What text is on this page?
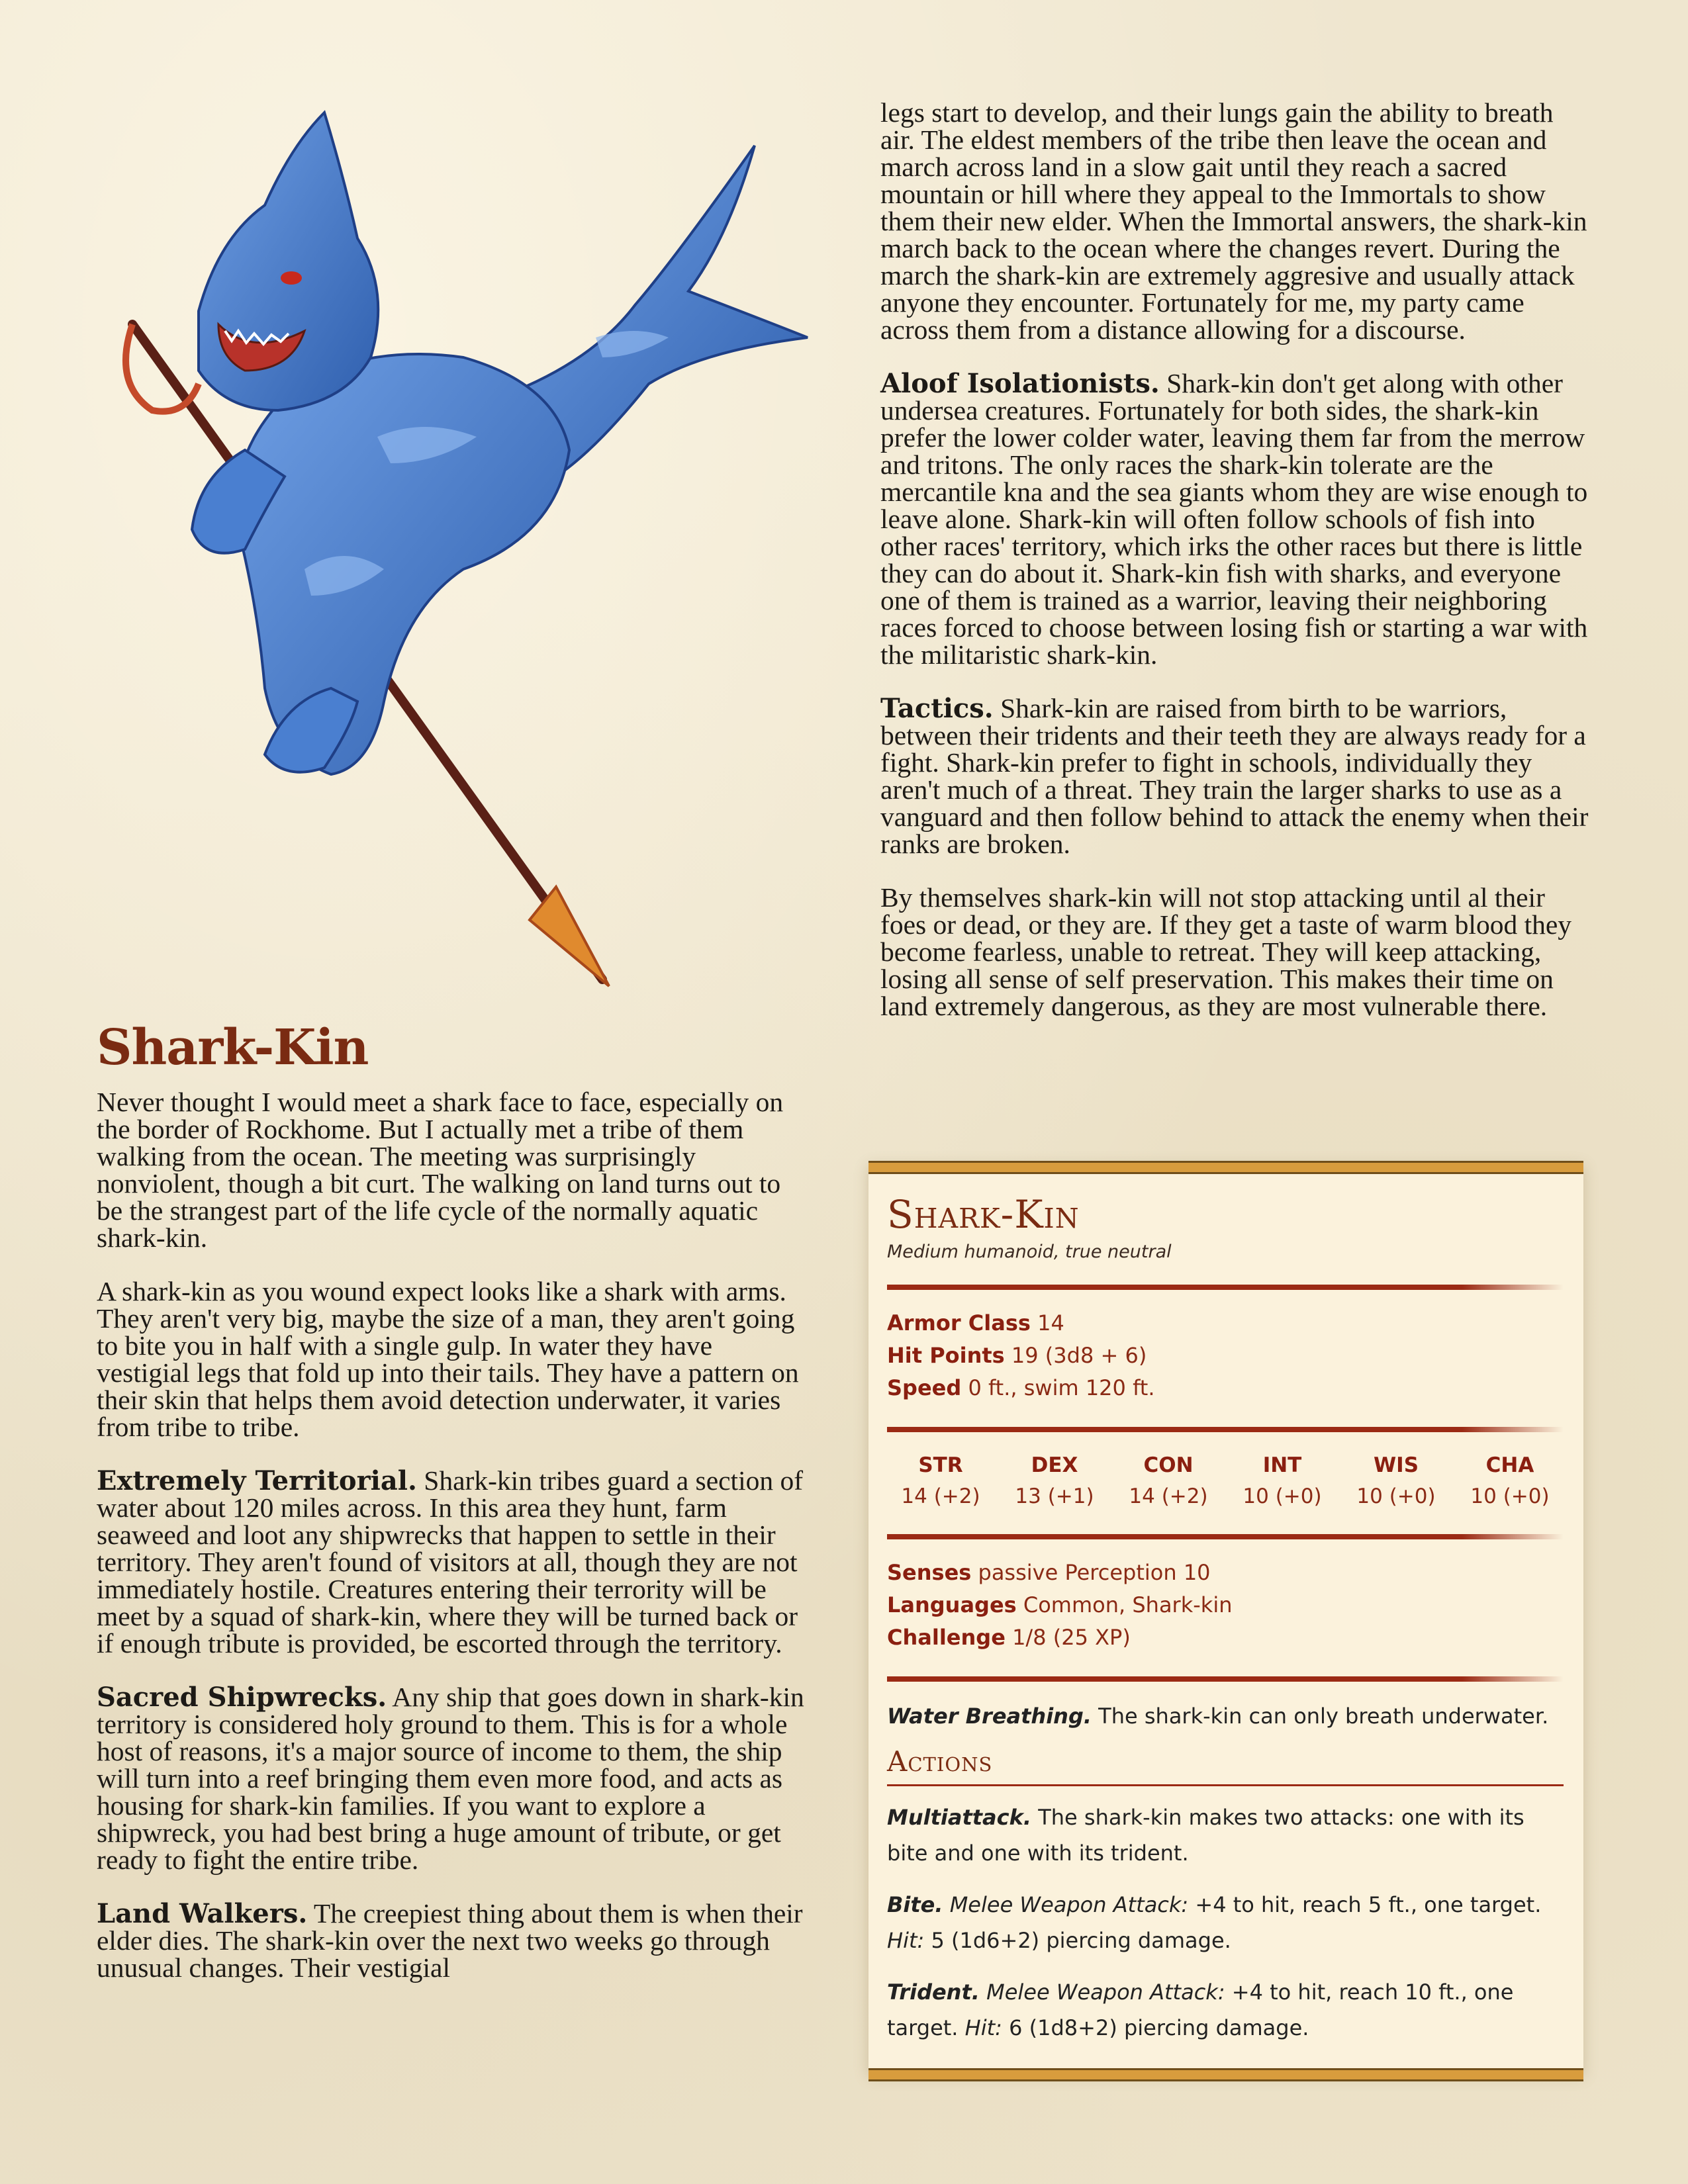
legs start to develop, and their lungs gain the ability to breath air. The eldest members of the tribe then leave the ocean and march across land in a slow gait until they reach a sacred mountain or hill where they appeal to the Immortals to show them their new elder. When the Immortal answers, the shark-kin march back to the ocean where the changes revert. During the march the shark-kin are extremely aggresive and usually attack anyone they encounter. Fortunately for me, my party came across them from a distance allowing for a discourse.

Aloof Isolationists. Shark-kin don't get along with other undersea creatures. Fortunately for both sides, the shark-kin prefer the lower colder water, leaving them far from the merrow and tritons. The only races the shark-kin tolerate are the mercantile kna and the sea giants whom they are wise enough to leave alone. Shark-kin will often follow schools of fish into other races' territory, which irks the other races but there is little they can do about it. Shark-kin fish with sharks, and everyone one of them is trained as a warrior, leaving their neighboring races forced to choose between losing fish or starting a war with the militaristic shark-kin.

Tactics. Shark-kin are raised from birth to be warriors, between their tridents and their teeth they are always ready for a fight. Shark-kin prefer to fight in schools, individually they aren't much of a threat. They train the larger sharks to use as a vanguard and then follow behind to attack the enemy when their ranks are broken.

By themselves shark-kin will not stop attacking until al their foes or dead, or they are. If they get a taste of warm blood they become fearless, unable to retreat. They will keep attacking, losing all sense of self preservation. This makes their time on land extremely dangerous, as they are most vulnerable there.

Shark-Kin

Never thought I would meet a shark face to face, especially on the border of Rockhome. But I actually met a tribe of them walking from the ocean. The meeting was surprisingly nonviolent, though a bit curt. The walking on land turns out to be the strangest part of the life cycle of the normally aquatic shark-kin.

A shark-kin as you wound expect looks like a shark with arms. They aren't very big, maybe the size of a man, they aren't going to bite you in half with a single gulp. In water they have vestigial legs that fold up into their tails. They have a pattern on their skin that helps them avoid detection underwater, it varies from tribe to tribe.

Extremely Territorial. Shark-kin tribes guard a section of water about 120 miles across. In this area they hunt, farm seaweed and loot any shipwrecks that happen to settle in their territory. They aren't found of visitors at all, though they are not immediately hostile. Creatures entering their terrority will be meet by a squad of shark-kin, where they will be turned back or if enough tribute is provided, be escorted through the territory.

Sacred Shipwrecks. Any ship that goes down in shark-kin territory is considered holy ground to them. This is for a whole host of reasons, it's a major source of income to them, the ship will turn into a reef bringing them even more food, and acts as housing for shark-kin families. If you want to explore a shipwreck, you had best bring a huge amount of tribute, or get ready to fight the entire tribe.

Land Walkers. The creepiest thing about them is when their elder dies. The shark-kin over the next two weeks go through unusual changes. Their vestigial

Shark-Kin
Medium humanoid, true neutral
Armor Class 14
Hit Points 19 (3d8 + 6)
Speed 0 ft., swim 120 ft.
STR
14 (+2)
DEX
13 (+1)
CON
14 (+2)
INT
10 (+0)
WIS
10 (+0)
CHA
10 (+0)
Senses passive Perception 10
Languages Common, Shark-kin
Challenge 1/8 (25 XP)
Water Breathing. The shark-kin can only breath underwater.
Actions
Multiattack. The shark-kin makes two attacks: one with its bite and one with its trident.
Bite. Melee Weapon Attack: +4 to hit, reach 5 ft., one target. Hit: 5 (1d6+2) piercing damage.
Trident. Melee Weapon Attack: +4 to hit, reach 10 ft., one target. Hit: 6 (1d8+2) piercing damage.
